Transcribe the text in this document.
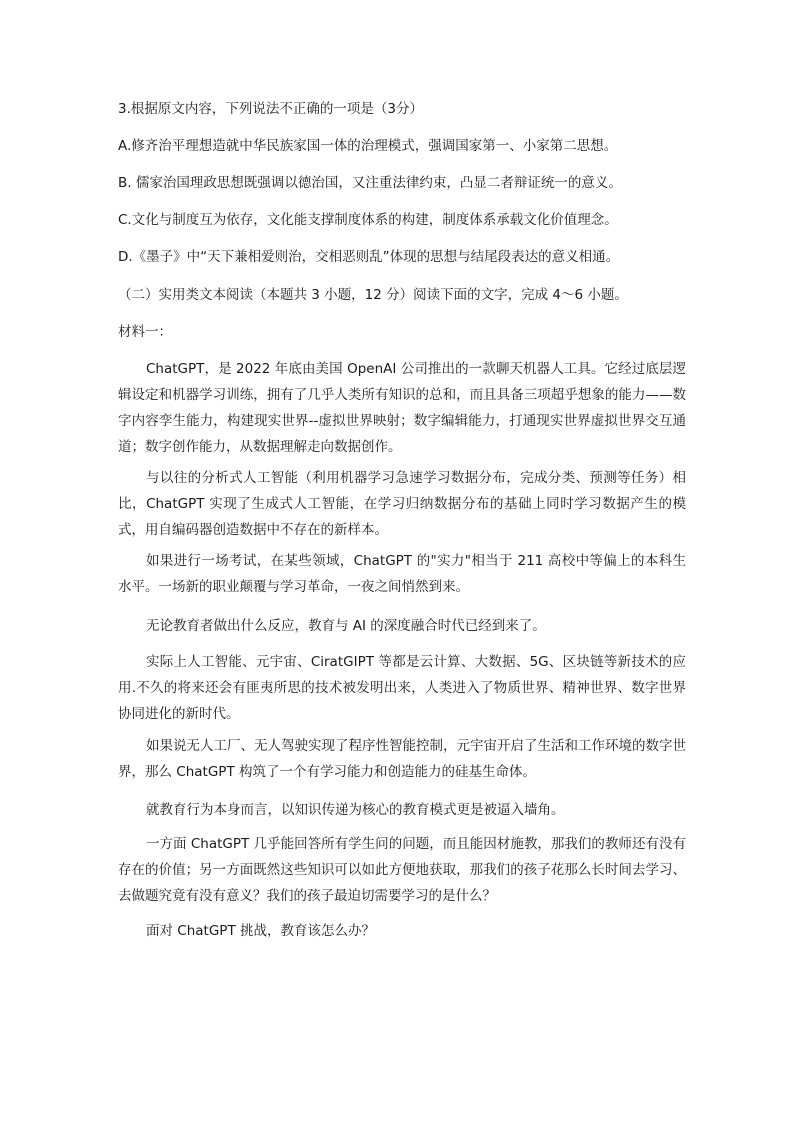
3.根据原文内容，下列说法不正确的一项是（3分）
A.修齐治平理想造就中华民族家国一体的治理模式，强调国家第一、小家第二思想。
B. 儒家治国理政思想既强调以德治国，又注重法律约束，凸显二者辩证统一的意义。
C.文化与制度互为依存，文化能支撑制度体系的构建，制度体系承载文化价值理念。
D.《墨子》中“天下兼相爱则治，交相恶则乱”体现的思想与结尾段表达的意义相通。
（二）实用类文本阅读（本题共 3 小题，12 分）阅读下面的文字，完成 4～6 小题。
材料一：
ChatGPT，是 2022 年底由美国 OpenAI 公司推出的一款聊天机器人工具。它经过底层逻辑设定和机器学习训练，拥有了几乎人类所有知识的总和，而且具备三项超乎想象的能力——数字内容孪生能力，构建现实世界--虚拟世界映射；数字编辑能力，打通现实世界虚拟世界交互通道；数字创作能力，从数据理解走向数据创作。
与以往的分析式人工智能（利用机器学习急速学习数据分布，完成分类、预测等任务）相比，ChatGPT 实现了生成式人工智能，在学习归纳数据分布的基础上同时学习数据产生的模式，用自编码器创造数据中不存在的新样本。
如果进行一场考试，在某些领域，ChatGPT 的"实力"相当于 211 高校中等偏上的本科生水平。一场新的职业颠覆与学习革命，一夜之间悄然到来。
无论教育者做出什么反应，教育与 AI 的深度融合时代已经到来了。
实际上人工智能、元宇宙、CiratGIPT 等都是云计算、大数据、5G、区块链等新技术的应用.不久的将来还会有匪夷所思的技术被发明出来，人类进入了物质世界、精神世界、数字世界协同进化的新时代。
如果说无人工厂、无人驾驶实现了程序性智能控制，元宇宙开启了生活和工作环境的数字世界，那么 ChatGPT 构筑了一个有学习能力和创造能力的硅基生命体。
就教育行为本身而言，以知识传递为核心的教育模式更是被逼入墙角。
一方面 ChatGPT 几乎能回答所有学生问的问题，而且能因材施教，那我们的教师还有没有存在的价值；另一方面既然这些知识可以如此方便地获取，那我们的孩子花那么长时间去学习、去做题究竟有没有意义？我们的孩子最迫切需要学习的是什么？
面对 ChatGPT 挑战，教育该怎么办？
